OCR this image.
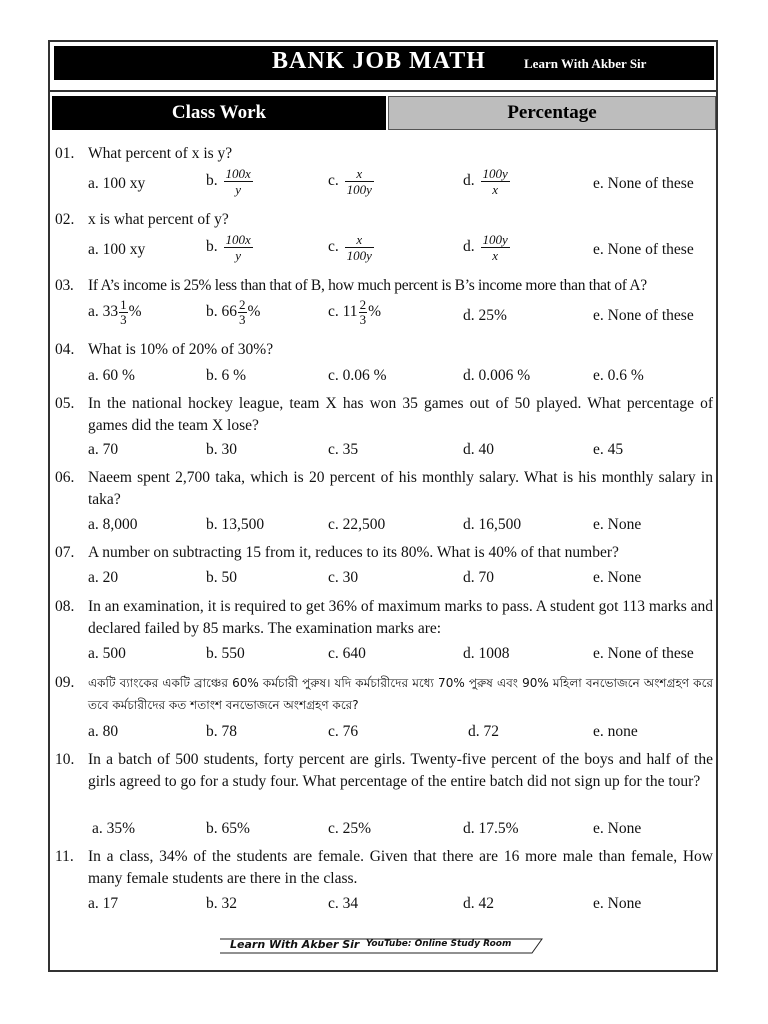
BANK JOB MATH	Learn With Akber Sir
Class Work	Percentage
01. What percent of x is y?
a. 100 xy	b. $\frac{100x}{y}$	c. $\frac{x}{100y}$	d. $\frac{100y}{x}$	e. None of these
02. x is what percent of y?
a. 100 xy	b. $\frac{100x}{y}$	c. $\frac{x}{100y}$	d. $\frac{100y}{x}$	e. None of these
03. If A’s income is 25% less than that of B, how much percent is B’s income more than that of A?
a. $33 \frac{1}{3}$ %	b. $66 \frac{2}{3}$ %	c. $11 \frac{2}{3}$ %	d. 25%	e. None of these
04. What is 10% of 20% of 30%?
a. 60 %	b. 6 %	c. 0.06 %	d. 0.006 %	e. 0.6 %
05. In the national hockey league, team X has won 35 games out of 50 played. What percentage of games did the team X lose?
a. 70	b. 30	c. 35	d. 40	e. 45
06. Naeem spent 2,700 taka, which is 20 percent of his monthly salary. What is his monthly salary in taka?
a. 8,000	b. 13,500	c. 22,500	d. 16,500	e. None
07. A number on subtracting 15 from it, reduces to its 80%. What is 40% of that number?
a. 20	b. 50	c. 30	d. 70	e. None
08. In an examination, it is required to get 36% of maximum marks to pass. A student got 113 marks and declared failed by 85 marks. The examination marks are:
a. 500	b. 550	c. 640	d. 1008	e. None of these
09. একটি ব্যাংকের একটি ব্রাঞ্চের 60% কর্মচারী পুরুষ। যদি কর্মচারীদের মধ্যে 70% পুরুষ এবং 90% মহিলা বনভোজনে অংশগ্রহণ করে তবে কর্মচারীদের কত শতাংশ বনভোজনে অংশগ্রহণ করে?
a. 80	b. 78	c. 76	d. 72	e. none
10. In a batch of 500 students, forty percent are girls. Twenty-five percent of the boys and half of the girls agreed to go for a study four. What percentage of the entire batch did not sign up for the tour?
a. 35%	b. 65%	c. 25%	d. 17.5%	e. None
11. In a class, 34% of the students are female. Given that there are 16 more male than female, How many female students are there in the class.
a. 17	b. 32	c. 34	d. 42	e. None
Learn With Akber Sir YouTube: Online Study Room
